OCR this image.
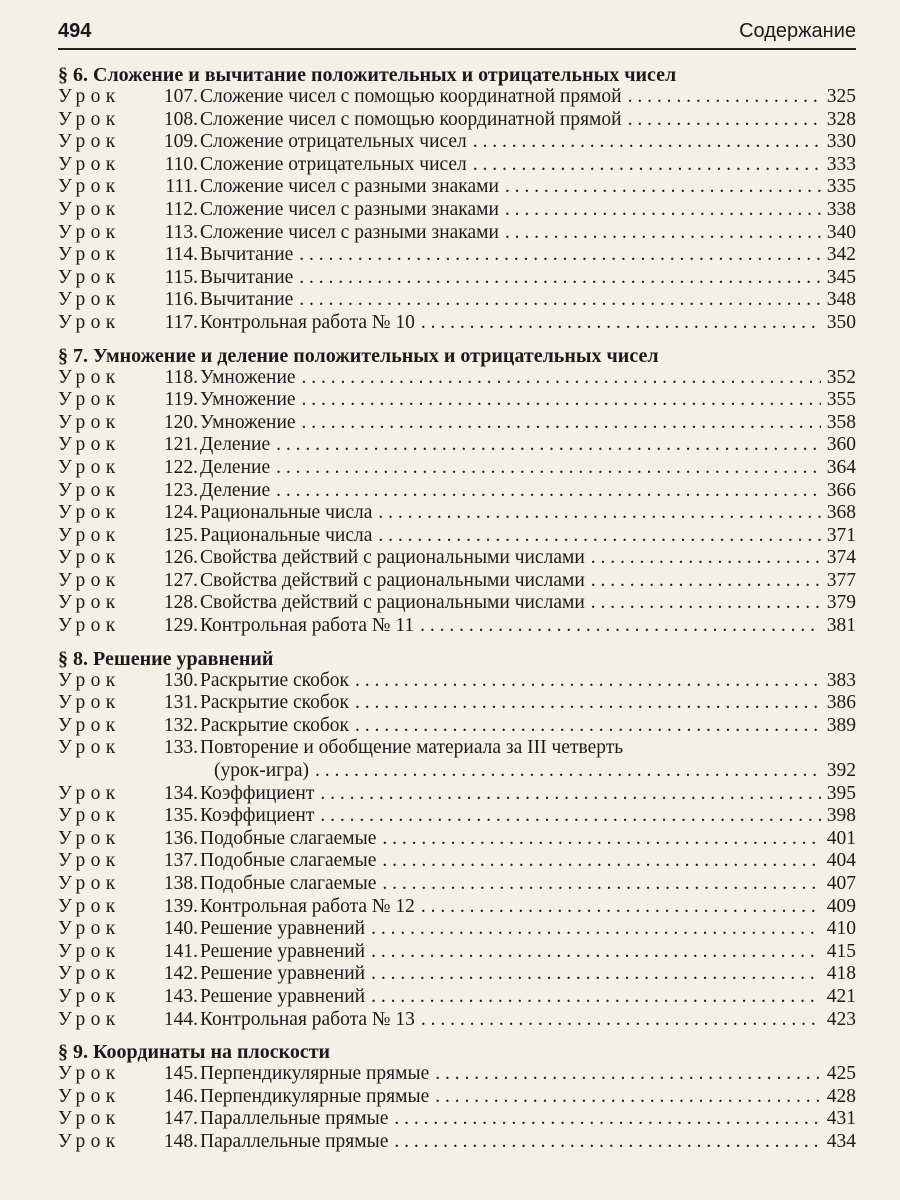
494	Содержание
§ 6. Сложение и вычитание положительных и отрицательных чисел
Урок 107. Сложение чисел с помощью координатной прямой . . .	325
Урок 108. Сложение чисел с помощью координатной прямой . . .	328
Урок 109. Сложение отрицательных чисел . . .	330
Урок 110. Сложение отрицательных чисел . . .	333
Урок 111. Сложение чисел с разными знаками . . .	335
Урок 112. Сложение чисел с разными знаками . . .	338
Урок 113. Сложение чисел с разными знаками . . .	340
Урок 114. Вычитание . . .	342
Урок 115. Вычитание . . .	345
Урок 116. Вычитание . . .	348
Урок 117. Контрольная работа № 10 . . .	350
§ 7. Умножение и деление положительных и отрицательных чисел
Урок 118. Умножение . . .	352
Урок 119. Умножение . . .	355
Урок 120. Умножение . . .	358
Урок 121. Деление . . .	360
Урок 122. Деление . . .	364
Урок 123. Деление . . .	366
Урок 124. Рациональные числа . . .	368
Урок 125. Рациональные числа . . .	371
Урок 126. Свойства действий с рациональными числами . . .	374
Урок 127. Свойства действий с рациональными числами . . .	377
Урок 128. Свойства действий с рациональными числами . . .	379
Урок 129. Контрольная работа № 11 . . .	381
§ 8. Решение уравнений
Урок 130. Раскрытие скобок . . .	383
Урок 131. Раскрытие скобок . . .	386
Урок 132. Раскрытие скобок . . .	389
Урок 133. Повторение и обобщение материала за III четверть
(урок-игра) . . .	392
Урок 134. Коэффициент . . .	395
Урок 135. Коэффициент . . .	398
Урок 136. Подобные слагаемые . . .	401
Урок 137. Подобные слагаемые . . .	404
Урок 138. Подобные слагаемые . . .	407
Урок 139. Контрольная работа № 12 . . .	409
Урок 140. Решение уравнений . . .	410
Урок 141. Решение уравнений . . .	415
Урок 142. Решение уравнений . . .	418
Урок 143. Решение уравнений . . .	421
Урок 144. Контрольная работа № 13 . . .	423
§ 9. Координаты на плоскости
Урок 145. Перпендикулярные прямые . . .	425
Урок 146. Перпендикулярные прямые . . .	428
Урок 147. Параллельные прямые . . .	431
Урок 148. Параллельные прямые . . .	434
